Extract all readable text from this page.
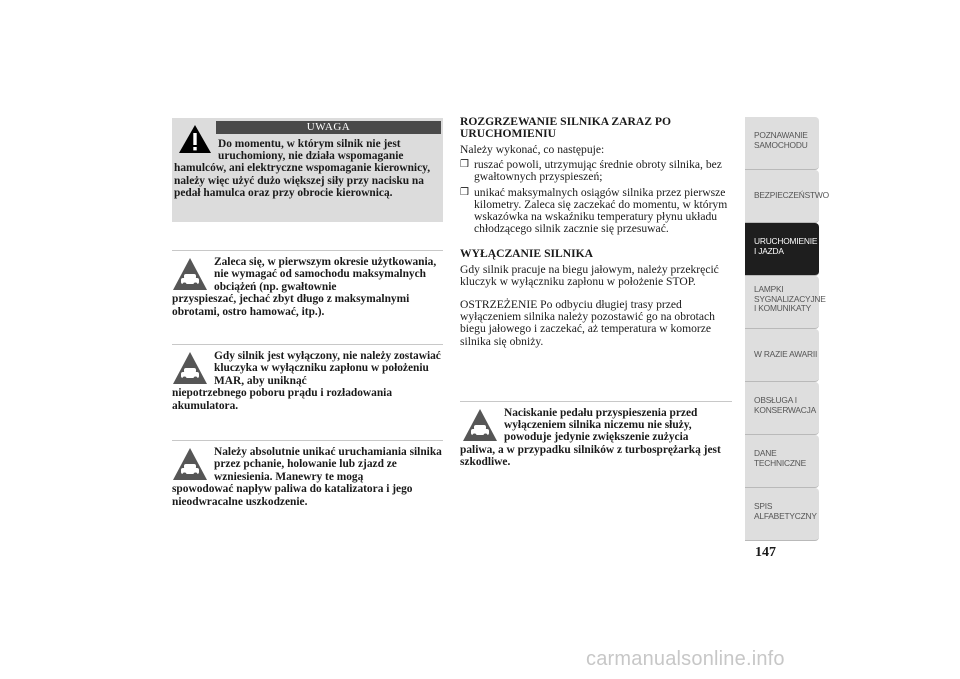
UWAGA
Do momentu, w którym silnik nie jest uruchomiony, nie działa wspomaganie
hamulców, ani elektryczne wspomaganie kierownicy, należy więc użyć dużo większej siły przy nacisku na pedał hamulca oraz przy obrocie kierownicą.
Zaleca się, w pierwszym okresie użytkowania, nie wymagać od samochodu maksymalnych obciążeń (np. gwałtownie
przyspieszać, jechać zbyt długo z maksymalnymi obrotami, ostro hamować, itp.).
Gdy silnik jest wyłączony, nie należy zostawiać kluczyka w wyłączniku zapłonu w położeniu MAR, aby uniknąć
niepotrzebnego poboru prądu i rozładowania akumulatora.
Należy absolutnie unikać uruchamiania silnika przez pchanie, holowanie lub zjazd ze wzniesienia. Manewry te mogą
spowodować napływ paliwa do katalizatora i jego nieodwracalne uszkodzenie.
ROZGRZEWANIE SILNIKA ZARAZ PO URUCHOMIENIU
Należy wykonać, co następuje:
❒ ruszać powoli, utrzymując średnie obroty silnika, bez gwałtownych przyspieszeń;
❒ unikać maksymalnych osiągów silnika przez pierwsze kilometry. Zaleca się zaczekać do momentu, w którym wskazówka na wskaźniku temperatury płynu układu chłodzącego silnik zacznie się przesuwać.
WYŁĄCZANIE SILNIKA
Gdy silnik pracuje na biegu jałowym, należy przekręcić kluczyk w wyłączniku zapłonu w położenie STOP.
OSTRZEŻENIE Po odbyciu długiej trasy przed wyłączeniem silnika należy pozostawić go na obrotach biegu jałowego i zaczekać, aż temperatura w komorze silnika się obniży.
Naciskanie pedału przyspieszenia przed wyłączeniem silnika niczemu nie służy, powoduje jedynie zwiększenie zużycia
paliwa, a w przypadku silników z turbosprężarką jest szkodliwe.
POZNAWANIE SAMOCHODU
BEZPIECZEŃSTWO
URUCHOMIENIE I JAZDA
LAMPKI SYGNALIZACYJNE I KOMUNIKATY
W RAZIE AWARII
OBSŁUGA I KONSERWACJA
DANE TECHNICZNE
SPIS ALFABETYCZNY
147
carmanualsonline.info
